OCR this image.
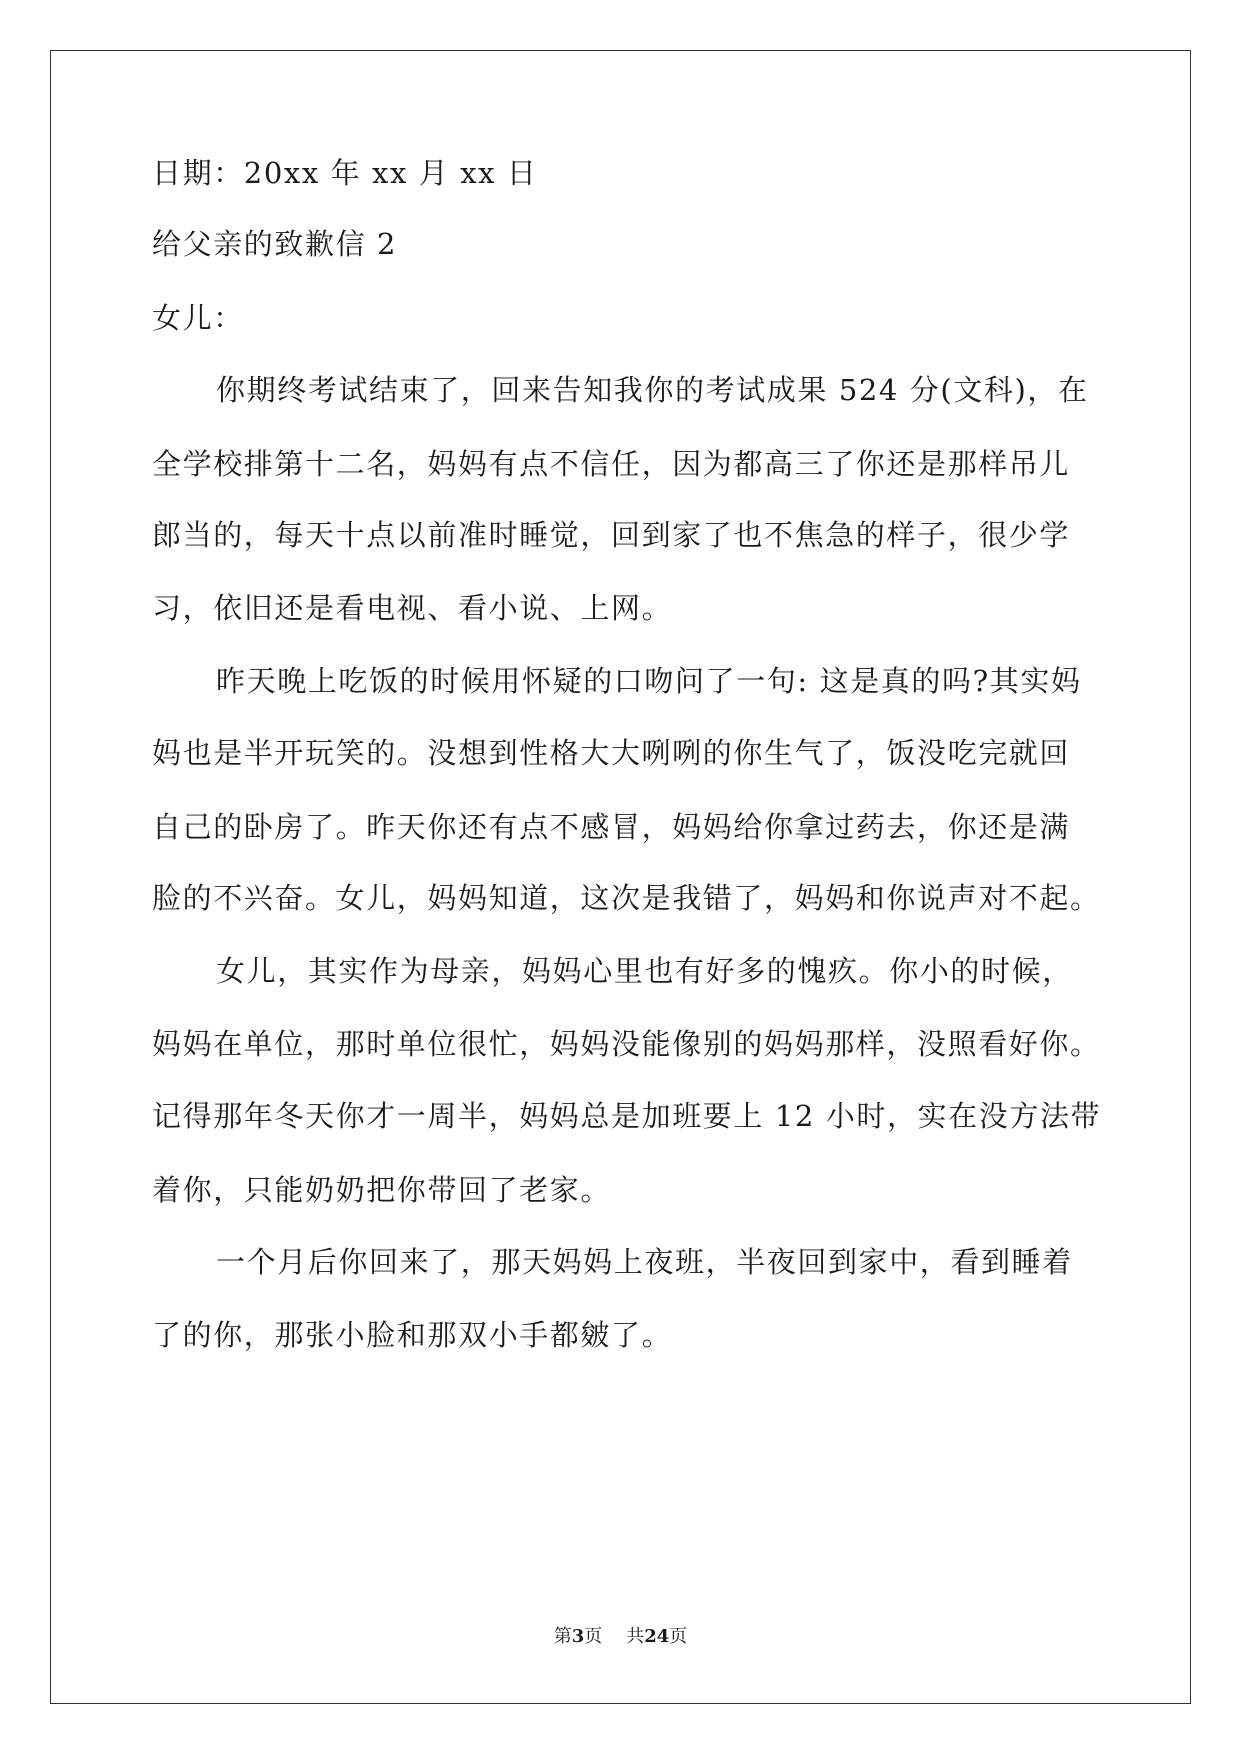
日期：20xx 年 xx 月 xx 日
给父亲的致歉信 2
女儿：
你期终考试结束了，回来告知我你的考试成果 524 分(文科)，在
全学校排第十二名，妈妈有点不信任，因为都高三了你还是那样吊儿
郎当的，每天十点以前准时睡觉，回到家了也不焦急的样子，很少学
习，依旧还是看电视、看小说、上网。
昨天晚上吃饭的时候用怀疑的口吻问了一句: 这是真的吗?其实妈
妈也是半开玩笑的。没想到性格大大咧咧的你生气了，饭没吃完就回
自己的卧房了。昨天你还有点不感冒，妈妈给你拿过药去，你还是满
脸的不兴奋。女儿，妈妈知道，这次是我错了，妈妈和你说声对不起。
女儿，其实作为母亲，妈妈心里也有好多的愧疚。你小的时候，
妈妈在单位，那时单位很忙，妈妈没能像别的妈妈那样，没照看好你。
记得那年冬天你才一周半，妈妈总是加班要上 12 小时，实在没方法带
着你，只能奶奶把你带回了老家。
一个月后你回来了，那天妈妈上夜班，半夜回到家中，看到睡着
了的你，那张小脸和那双小手都皴了。
第3页 共24页
